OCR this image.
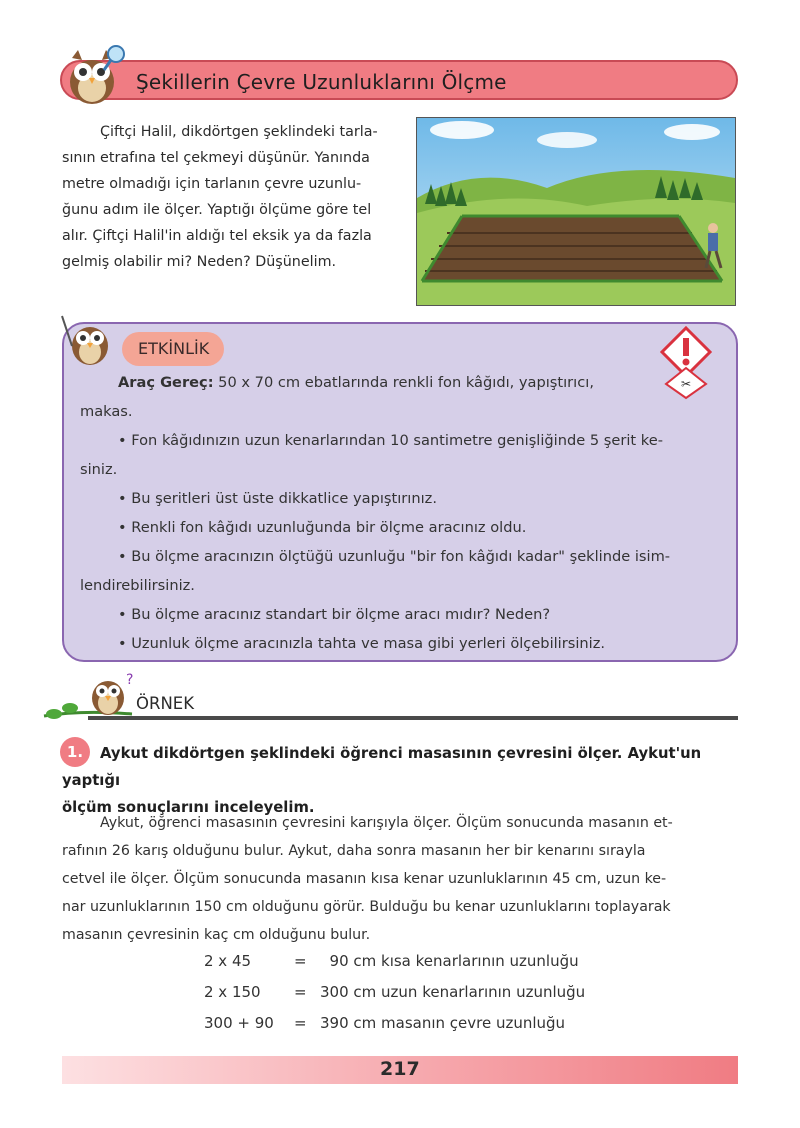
Şekillerin Çevre Uzunluklarını Ölçme
Çiftçi Halil, dikdörtgen şeklindeki tarla-
sının etrafına tel çekmeyi düşünür. Yanında
metre olmadığı için tarlanın çevre uzunlu-
ğunu adım ile ölçer. Yaptığı ölçüme göre tel
alır. Çiftçi Halil'in aldığı tel eksik ya da fazla
gelmiş olabilir mi? Neden? Düşünelim.
ETKİNLİK
✂
Araç Gereç: 50 x 70 cm ebatlarında renkli fon kâğıdı, yapıştırıcı,
makas.
• Fon kâğıdınızın uzun kenarlarından 10 santimetre genişliğinde 5 şerit ke-
siniz.
• Bu şeritleri üst üste dikkatlice yapıştırınız.
• Renkli fon kâğıdı uzunluğunda bir ölçme aracınız oldu.
• Bu ölçme aracınızın ölçtüğü uzunluğu "bir fon kâğıdı kadar" şeklinde isim-
lendirebilirsiniz.
• Bu ölçme aracınız standart bir ölçme aracı mıdır? Neden?
• Uzunluk ölçme aracınızla tahta ve masa gibi yerleri ölçebilirsiniz.
?
ÖRNEK
1.	Aykut dikdörtgen şeklindeki öğrenci masasının çevresini ölçer. Aykut'un yaptığı
ölçüm sonuçlarını inceleyelim.
Aykut, öğrenci masasının çevresini karışıyla ölçer. Ölçüm sonucunda masanın et-
rafının 26 karış olduğunu bulur. Aykut, daha sonra masanın her bir kenarını sırayla
cetvel ile ölçer. Ölçüm sonucunda masanın kısa kenar uzunluklarının 45 cm, uzun ke-
nar uzunluklarının 150 cm olduğunu görür. Bulduğu bu kenar uzunluklarını toplayarak
masanın çevresinin kaç cm olduğunu bulur.
2 x 45	=  90 cm kısa kenarlarının uzunluğu
2 x 150 = 300 cm uzun kenarlarının uzunluğu
300 + 90 = 390 cm masanın çevre uzunluğu
217
